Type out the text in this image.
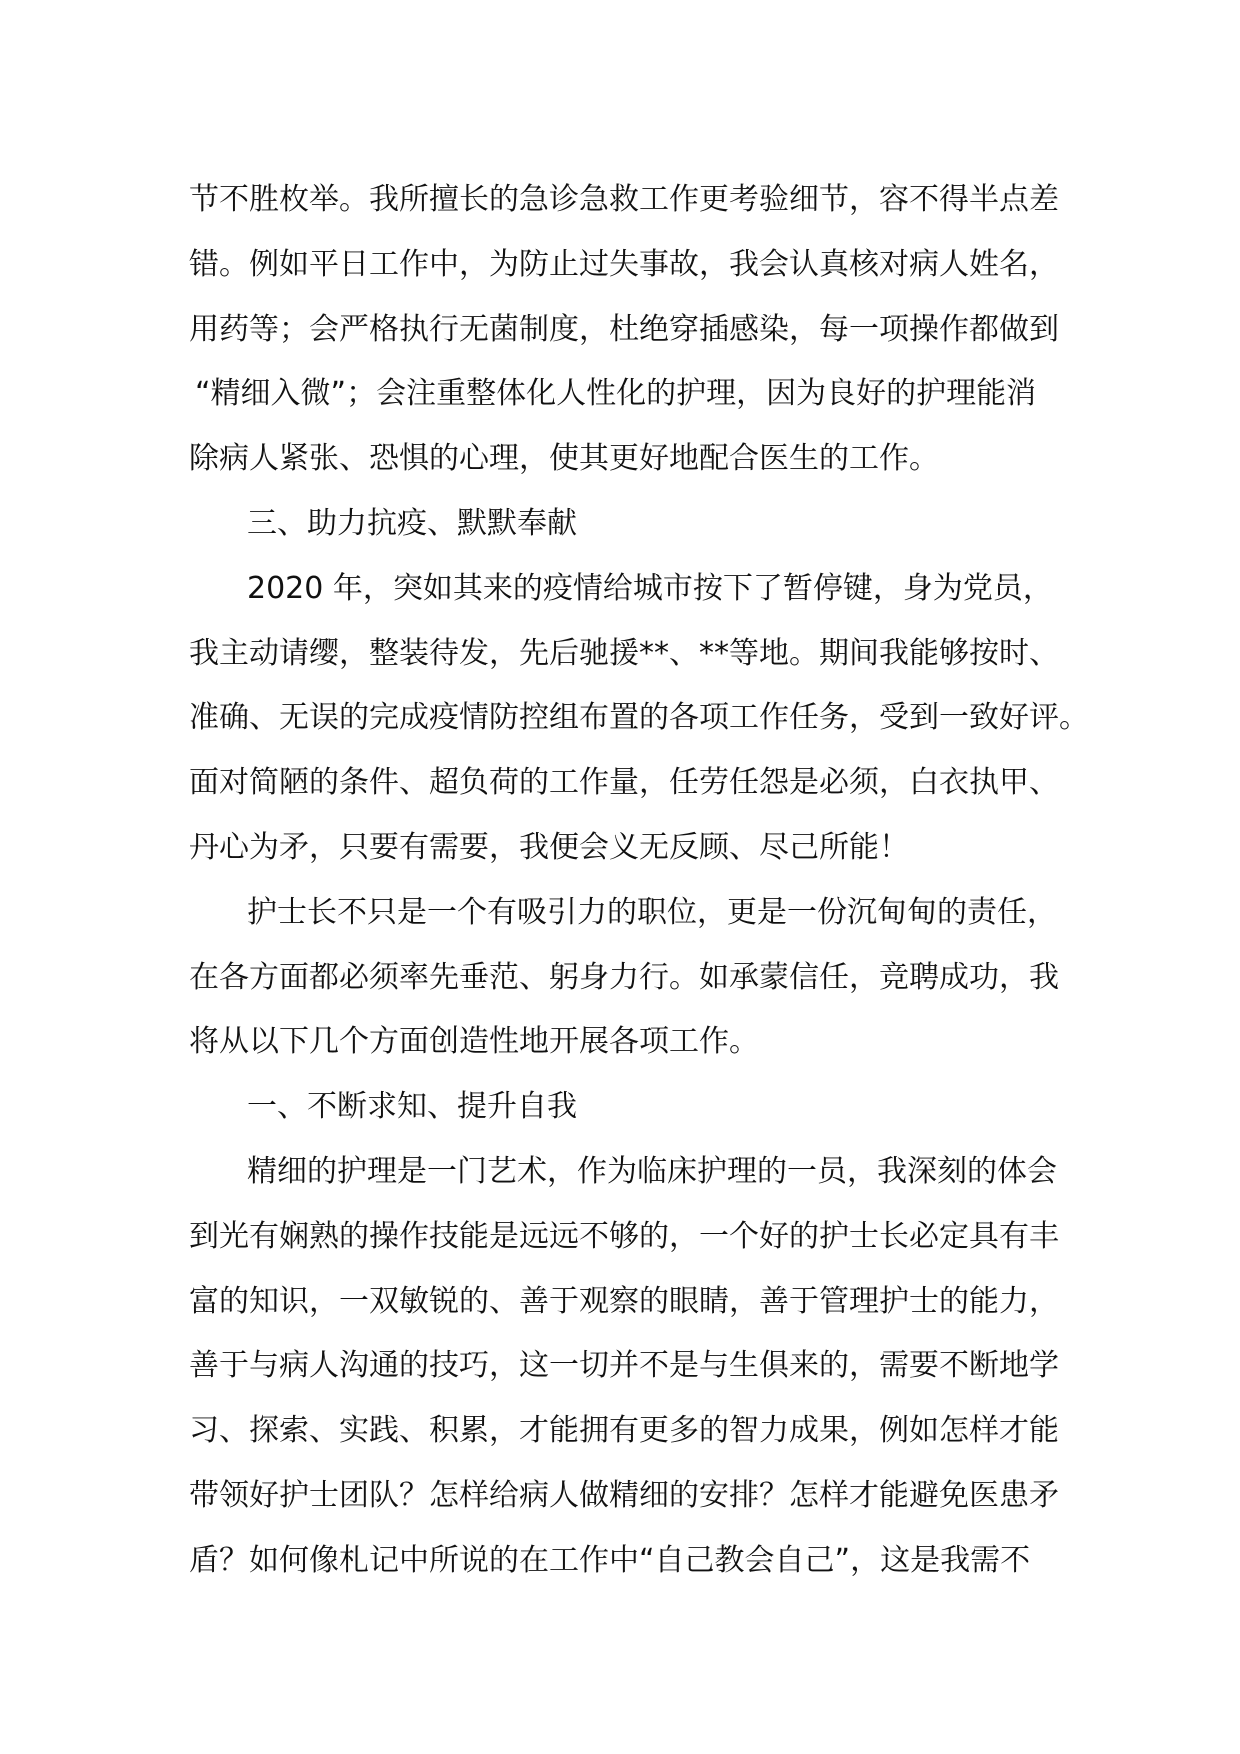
节不胜枚举。我所擅长的急诊急救工作更考验细节，容不得半点差
错。例如平日工作中，为防止过失事故，我会认真核对病人姓名，
用药等；会严格执行无菌制度，杜绝穿插感染，每一项操作都做到
“精细入微”；会注重整体化人性化的护理，因为良好的护理能消
除病人紧张、恐惧的心理，使其更好地配合医生的工作。
三、助力抗疫、默默奉献
2020 年，突如其来的疫情给城市按下了暂停键，身为党员，
我主动请缨，整装待发，先后驰援**、**等地。期间我能够按时、
准确、无误的完成疫情防控组布置的各项工作任务，受到一致好评。
面对简陋的条件、超负荷的工作量，任劳任怨是必须，白衣执甲、
丹心为矛，只要有需要，我便会义无反顾、尽己所能！
护士长不只是一个有吸引力的职位，更是一份沉甸甸的责任，
在各方面都必须率先垂范、躬身力行。如承蒙信任，竞聘成功，我
将从以下几个方面创造性地开展各项工作。
一、不断求知、提升自我
精细的护理是一门艺术，作为临床护理的一员，我深刻的体会
到光有娴熟的操作技能是远远不够的，一个好的护士长必定具有丰
富的知识，一双敏锐的、善于观察的眼睛，善于管理护士的能力，
善于与病人沟通的技巧，这一切并不是与生俱来的，需要不断地学
习、探索、实践、积累，才能拥有更多的智力成果，例如怎样才能
带领好护士团队？怎样给病人做精细的安排？怎样才能避免医患矛
盾？如何像札记中所说的在工作中“自己教会自己”，这是我需不
